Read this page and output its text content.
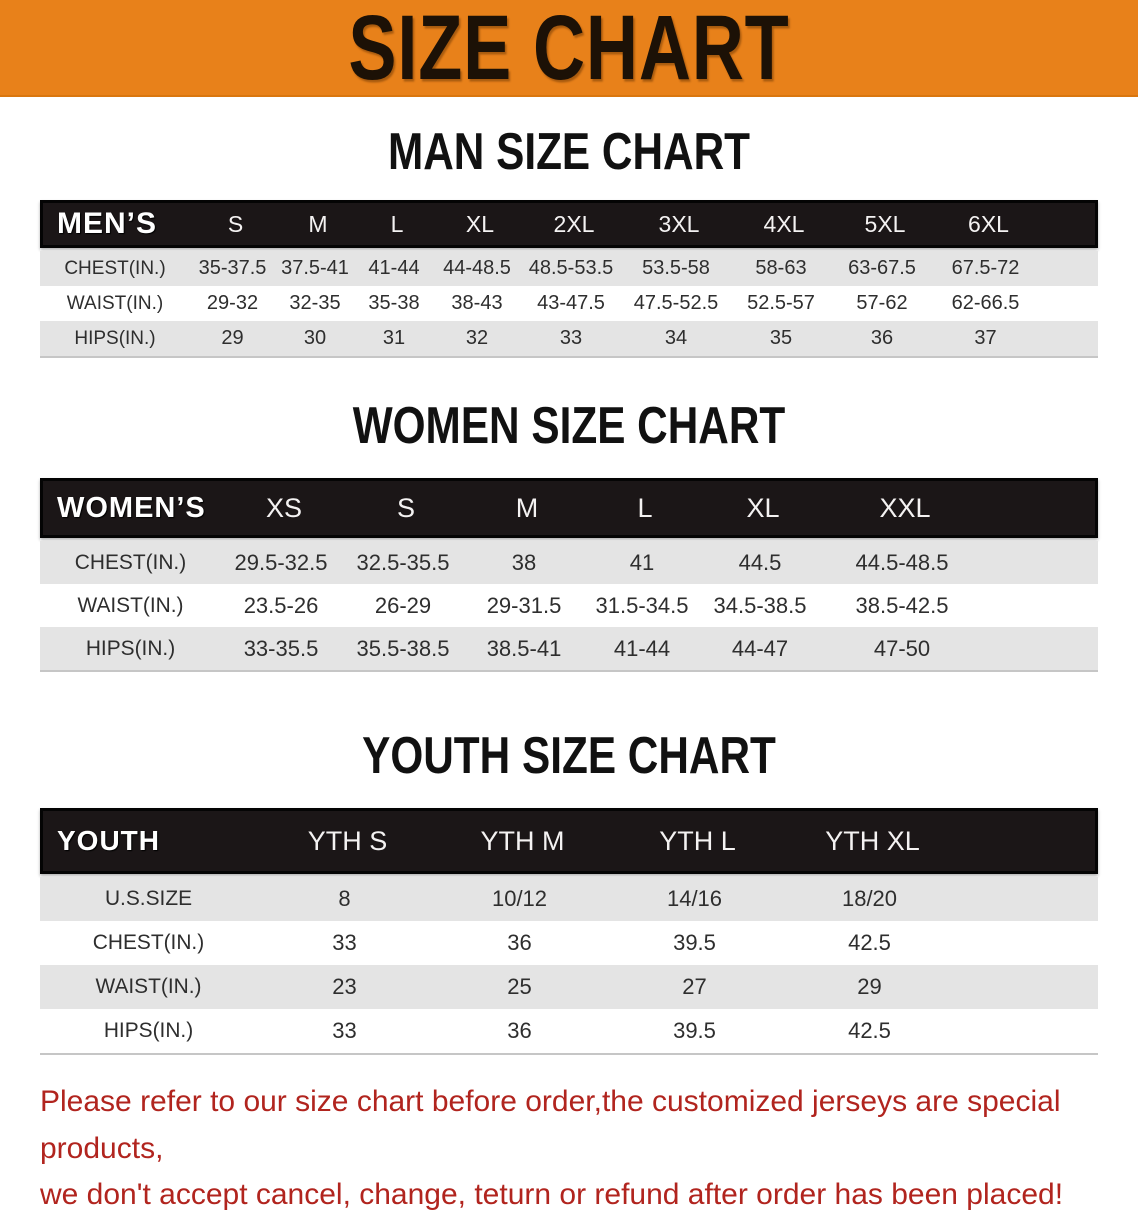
SIZE CHART
MAN SIZE CHART
MEN’S	S	M	L	XL	2XL	3XL	4XL	5XL	6XL
CHEST(IN.)	35-37.5 37.5-41 41-44	44-48.5 48.5-53.5	53.5-58	58-63	63-67.5	67.5-72
WAIST(IN.)	29-32	32-35	35-38	38-43	43-47.5	47.5-52.5	52.5-57	57-62	62-66.5
HIPS(IN.)	29	30	31	32	33	34	35	36	37
WOMEN SIZE CHART
WOMEN’S	XS	S	M	L	XL	XXL
CHEST(IN.)	29.5-32.5	32.5-35.5	38	41	44.5	44.5-48.5
WAIST(IN.)	23.5-26	26-29	29-31.5	31.5-34.5	34.5-38.5	38.5-42.5
HIPS(IN.)	33-35.5	35.5-38.5	38.5-41	41-44	44-47	47-50
YOUTH SIZE CHART
YOUTH	YTH S	YTH M	YTH L	YTH XL
U.S.SIZE	8	10/12	14/16	18/20
CHEST(IN.)	33	36	39.5	42.5
WAIST(IN.)	23	25	27	29
HIPS(IN.)	33	36	39.5	42.5

Please refer to our size chart before order,the customized jerseys are special products,
we don't accept cancel, change, teturn or refund after order has been placed!
